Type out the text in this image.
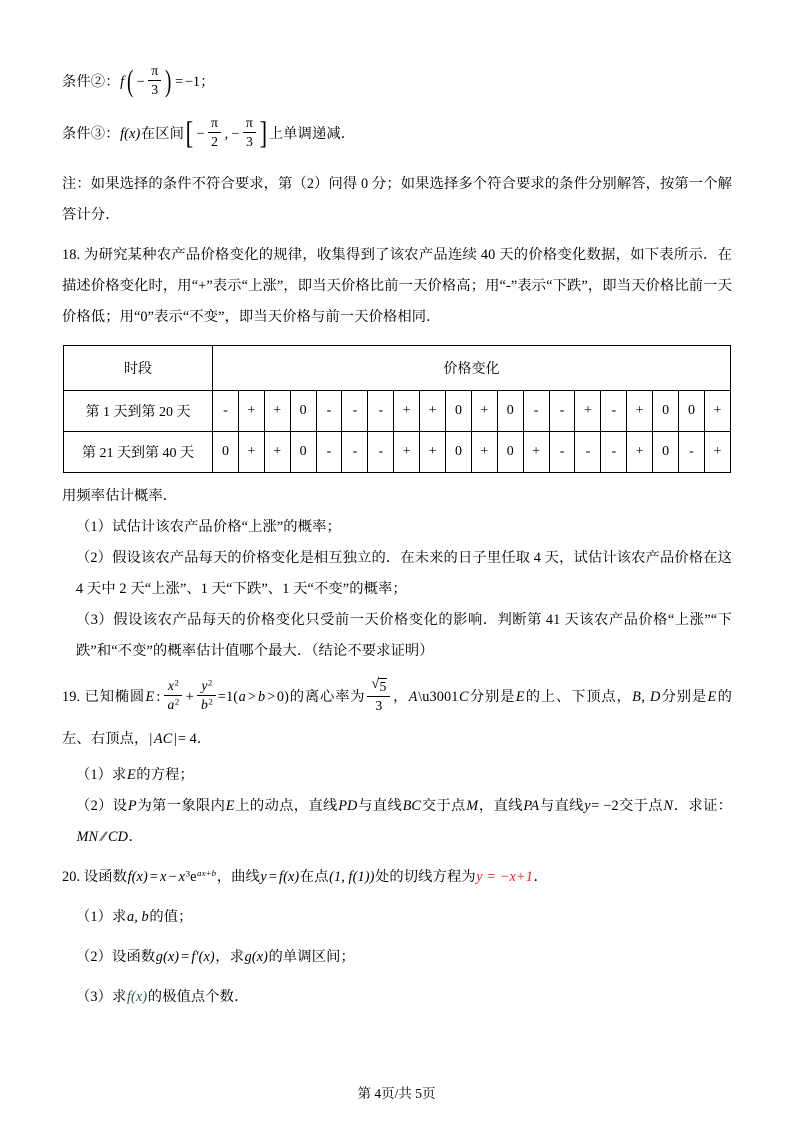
¨

条件②：$f( - \frac{\pi}{3}$ ) = −1；

条件③：f(x)在区间[ − $\frac{\pi}{2}$ , − $\frac{\pi}{3}$ ] 上单调递减．

注：如果选择的条件不符合要求，第（2）问得 0 分；如果选择多个符合要求的条件分别解答，按第一个解答计分．

18. 为研究某种农产品价格变化的规律，收集得到了该农产品连续 40 天的价格变化数据，如下表所示．在描述价格变化时，用“+”表示“上涨”，即当天价格比前一天价格高；用“-”表示“下跌”，即当天价格比前一天价格低；用“0”表示“不变”，即当天价格与前一天价格相同．

时段	价格变化																			
第 1 天到第 20 天	-	+	+	0	-	-	-	+	+	0	+	0	-	-	+	-	+	0	0	+
第 21 天到第 40 天	0	+	+	0	-	-	-	+	+	0	+	0	+	-	-	-	+	0	-	+

用频率估计概率．

（1）试估计该农产品价格“上涨”的概率；

（2）假设该农产品每天的价格变化是相互独立的．在未来的日子里任取 4 天，试估计该农产品价格在这 4 天中 2 天“上涨”、1 天“下跌”、1 天“不变”的概率；

（3）假设该农产品每天的价格变化只受前一天价格变化的影响．判断第 41 天该农产品价格“上涨”“下跌”和“不变”的概率估计值哪个最大．（结论不要求证明）

19. 已知椭圆E : $\frac{x^2}{a^2} + \frac{y^2}{b^2} =1(a > b > 0)$的离心率为 √ $\frac{5}{3}$ ，A\u3001C分别是E的上、下顶点，B, D分别是E的左、右顶点，| AC |= 4．

（1）求E的方程；

（2）设P为第一象限内E上的动点，直线PD与直线BC交于点M，直线PA与直线y= −2交于点N．求证：MN ∕∕ CD．

20. 设函数$f(x) = x - x^3e^{ax+b}$，曲线y = f(x)在点(1, f(1))处的切线方程为y = −x+1．

（1）求a, b的值；

（2）设函数g(x) = f′(x)，求g(x)的单调区间；

（3）求f(x)的极值点个数．

第 4页/共 5页
